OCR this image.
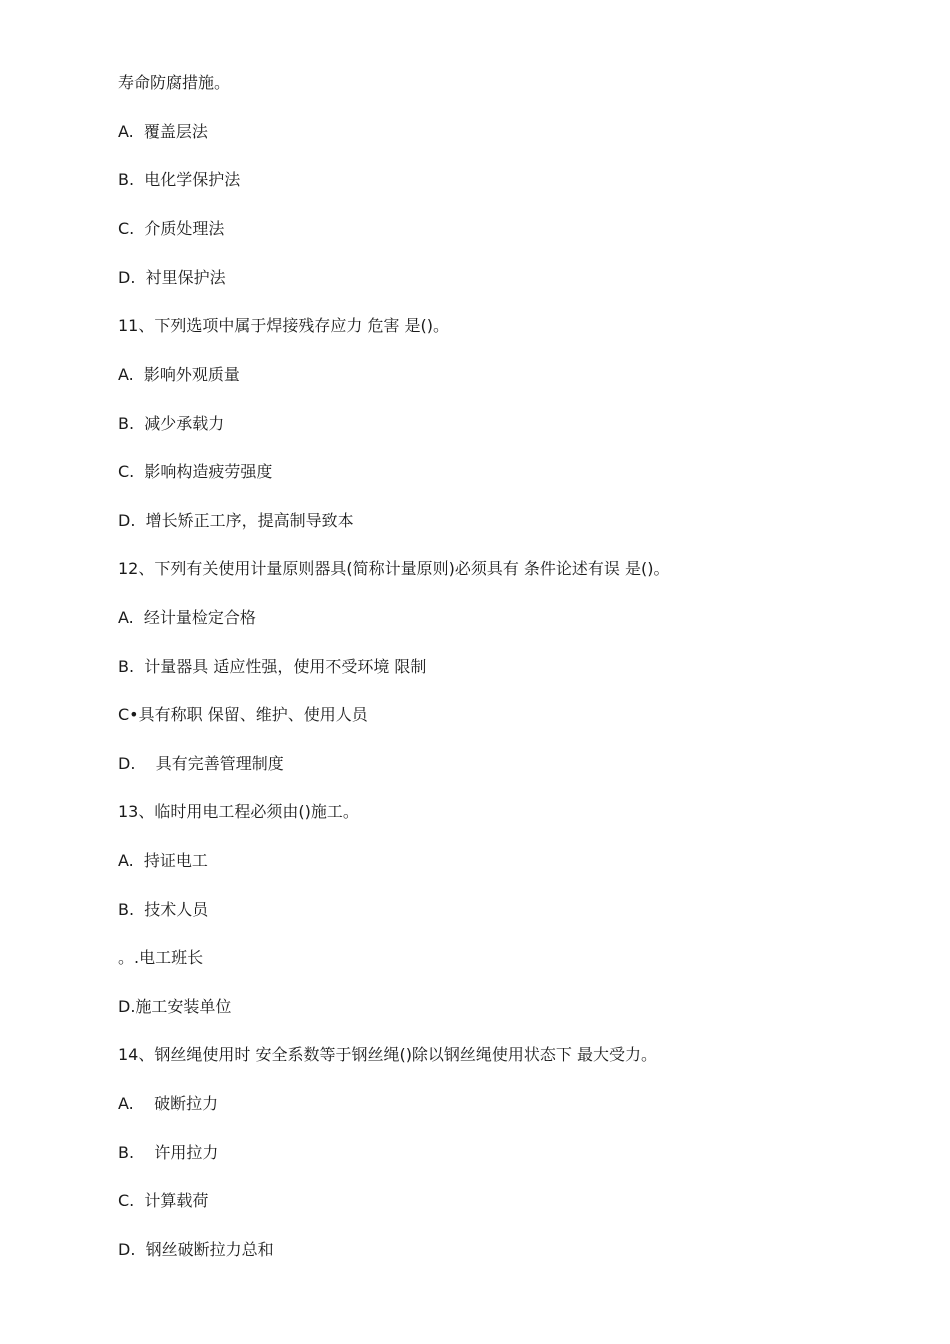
寿命防腐措施。

A.  覆盖层法

B.  电化学保护法

C.  介质处理法

D.  衬里保护法

11、下列选项中属于焊接残存应力 危害 是()。

A.  影响外观质量

B.  减少承载力

C.  影响构造疲劳强度

D.  增长矫正工序，提高制导致本

12、下列有关使用计量原则器具(简称计量原则)必须具有 条件论述有误 是()。

A.  经计量检定合格

B.  计量器具 适应性强，使用不受环境 限制

C•具有称职 保留、维护、使用人员

D.    具有完善管理制度

13、临时用电工程必须由()施工。

A.  持证电工

B.  技术人员

。.电工班长

D.施工安装单位

14、钢丝绳使用时 安全系数等于钢丝绳()除以钢丝绳使用状态下 最大受力。

A.    破断拉力

B.    许用拉力

C.  计算载荷

D.  钢丝破断拉力总和
